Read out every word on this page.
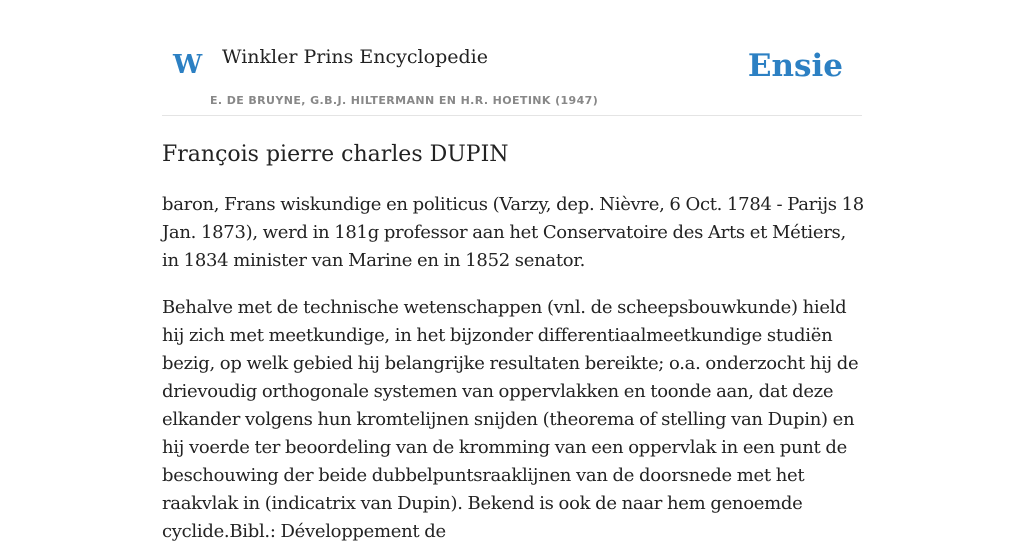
W Winkler Prins Encyclopedie
E. DE BRUYNE, G.B.J. HILTERMANN EN H.R. HOETINK (1947)
Ensie
François pierre charles DUPIN

baron, Frans wiskundige en politicus (Varzy, dep. Nièvre, 6 Oct. 1784 - Parijs 18 Jan. 1873), werd in 181g professor aan het Conservatoire des Arts et Métiers, in 1834 minister van Marine en in 1852 senator.

Behalve met de technische wetenschappen (vnl. de scheepsbouwkunde) hield hij zich met meetkundige, in het bijzonder differentiaalmeetkundige studiën bezig, op welk gebied hij belangrijke resultaten bereikte; o.a. onderzocht hij de drievoudig orthogonale systemen van oppervlakken en toonde aan, dat deze elkander volgens hun kromtelijnen snijden (theorema of stelling van Dupin) en hij voerde ter beoordeling van de kromming van een oppervlak in een punt de beschouwing der beide dubbelpuntsraaklijnen van de doorsnede met het raakvlak in (indicatrix van Dupin). Bekend is ook de naar hem genoemde cyclide.Bibl.: Développement de
